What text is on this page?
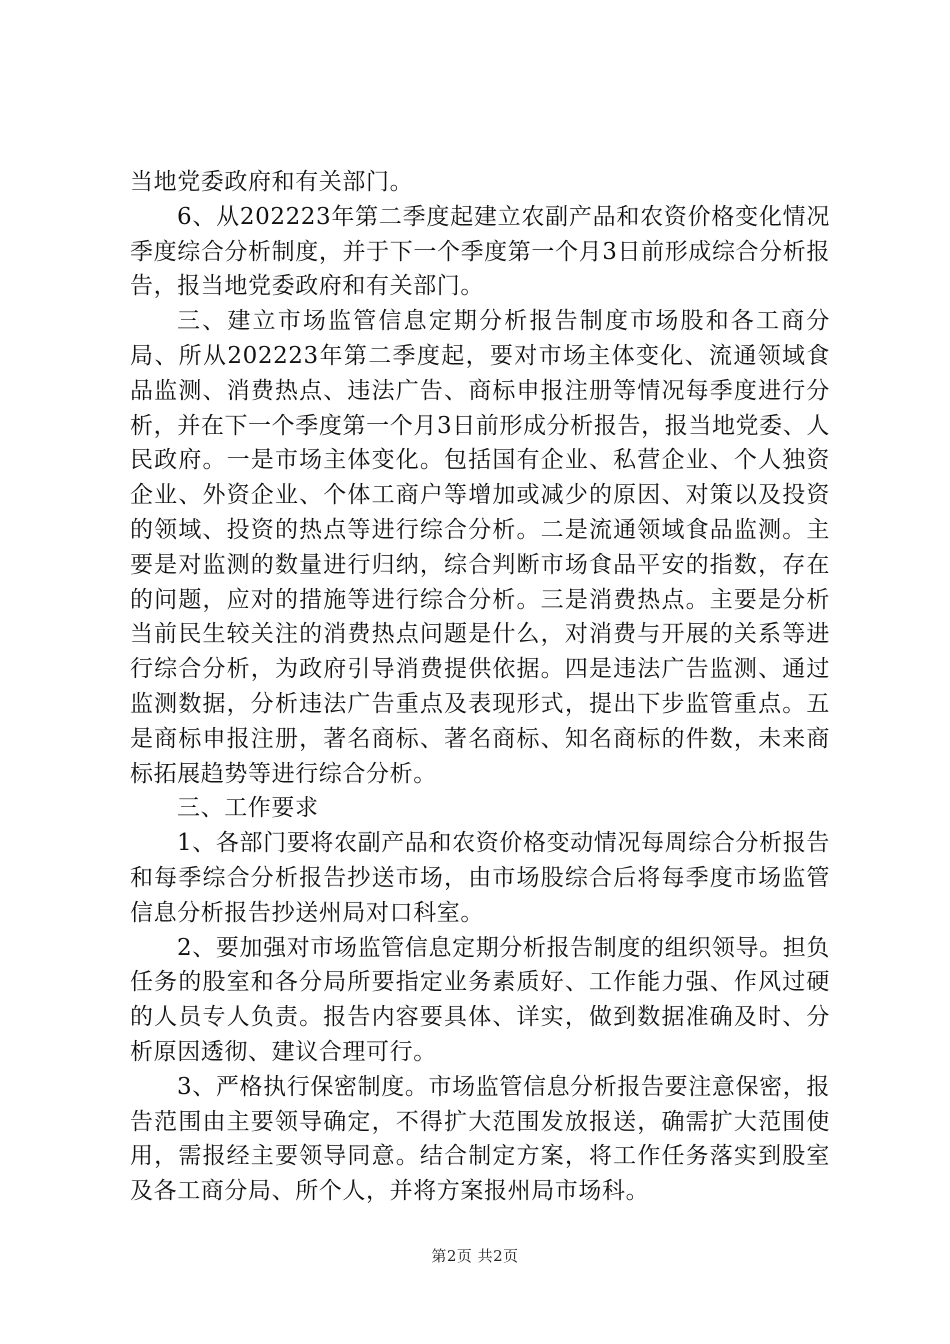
当地党委政府和有关部门。

6、从202223年第二季度起建立农副产品和农资价格变化情况季度综合分析制度，并于下一个季度第一个月3日前形成综合分析报告，报当地党委政府和有关部门。

三、建立市场监管信息定期分析报告制度市场股和各工商分局、所从202223年第二季度起，要对市场主体变化、流通领域食品监测、消费热点、违法广告、商标申报注册等情况每季度进行分析，并在下一个季度第一个月3日前形成分析报告，报当地党委、人民政府。一是市场主体变化。包括国有企业、私营企业、个人独资企业、外资企业、个体工商户等增加或减少的原因、对策以及投资的领域、投资的热点等进行综合分析。二是流通领域食品监测。主要是对监测的数量进行归纳，综合判断市场食品平安的指数，存在的问题，应对的措施等进行综合分析。三是消费热点。主要是分析当前民生较关注的消费热点问题是什么，对消费与开展的关系等进行综合分析，为政府引导消费提供依据。四是违法广告监测、通过监测数据，分析违法广告重点及表现形式，提出下步监管重点。五是商标申报注册，著名商标、著名商标、知名商标的件数，未来商标拓展趋势等进行综合分析。

三、工作要求

1、各部门要将农副产品和农资价格变动情况每周综合分析报告和每季综合分析报告抄送市场，由市场股综合后将每季度市场监管信息分析报告抄送州局对口科室。

2、要加强对市场监管信息定期分析报告制度的组织领导。担负任务的股室和各分局所要指定业务素质好、工作能力强、作风过硬的人员专人负责。报告内容要具体、详实，做到数据准确及时、分析原因透彻、建议合理可行。

3、严格执行保密制度。市场监管信息分析报告要注意保密，报告范围由主要领导确定，不得扩大范围发放报送，确需扩大范围使用，需报经主要领导同意。结合制定方案，将工作任务落实到股室及各工商分局、所个人，并将方案报州局市场科。

第2页 共2页
